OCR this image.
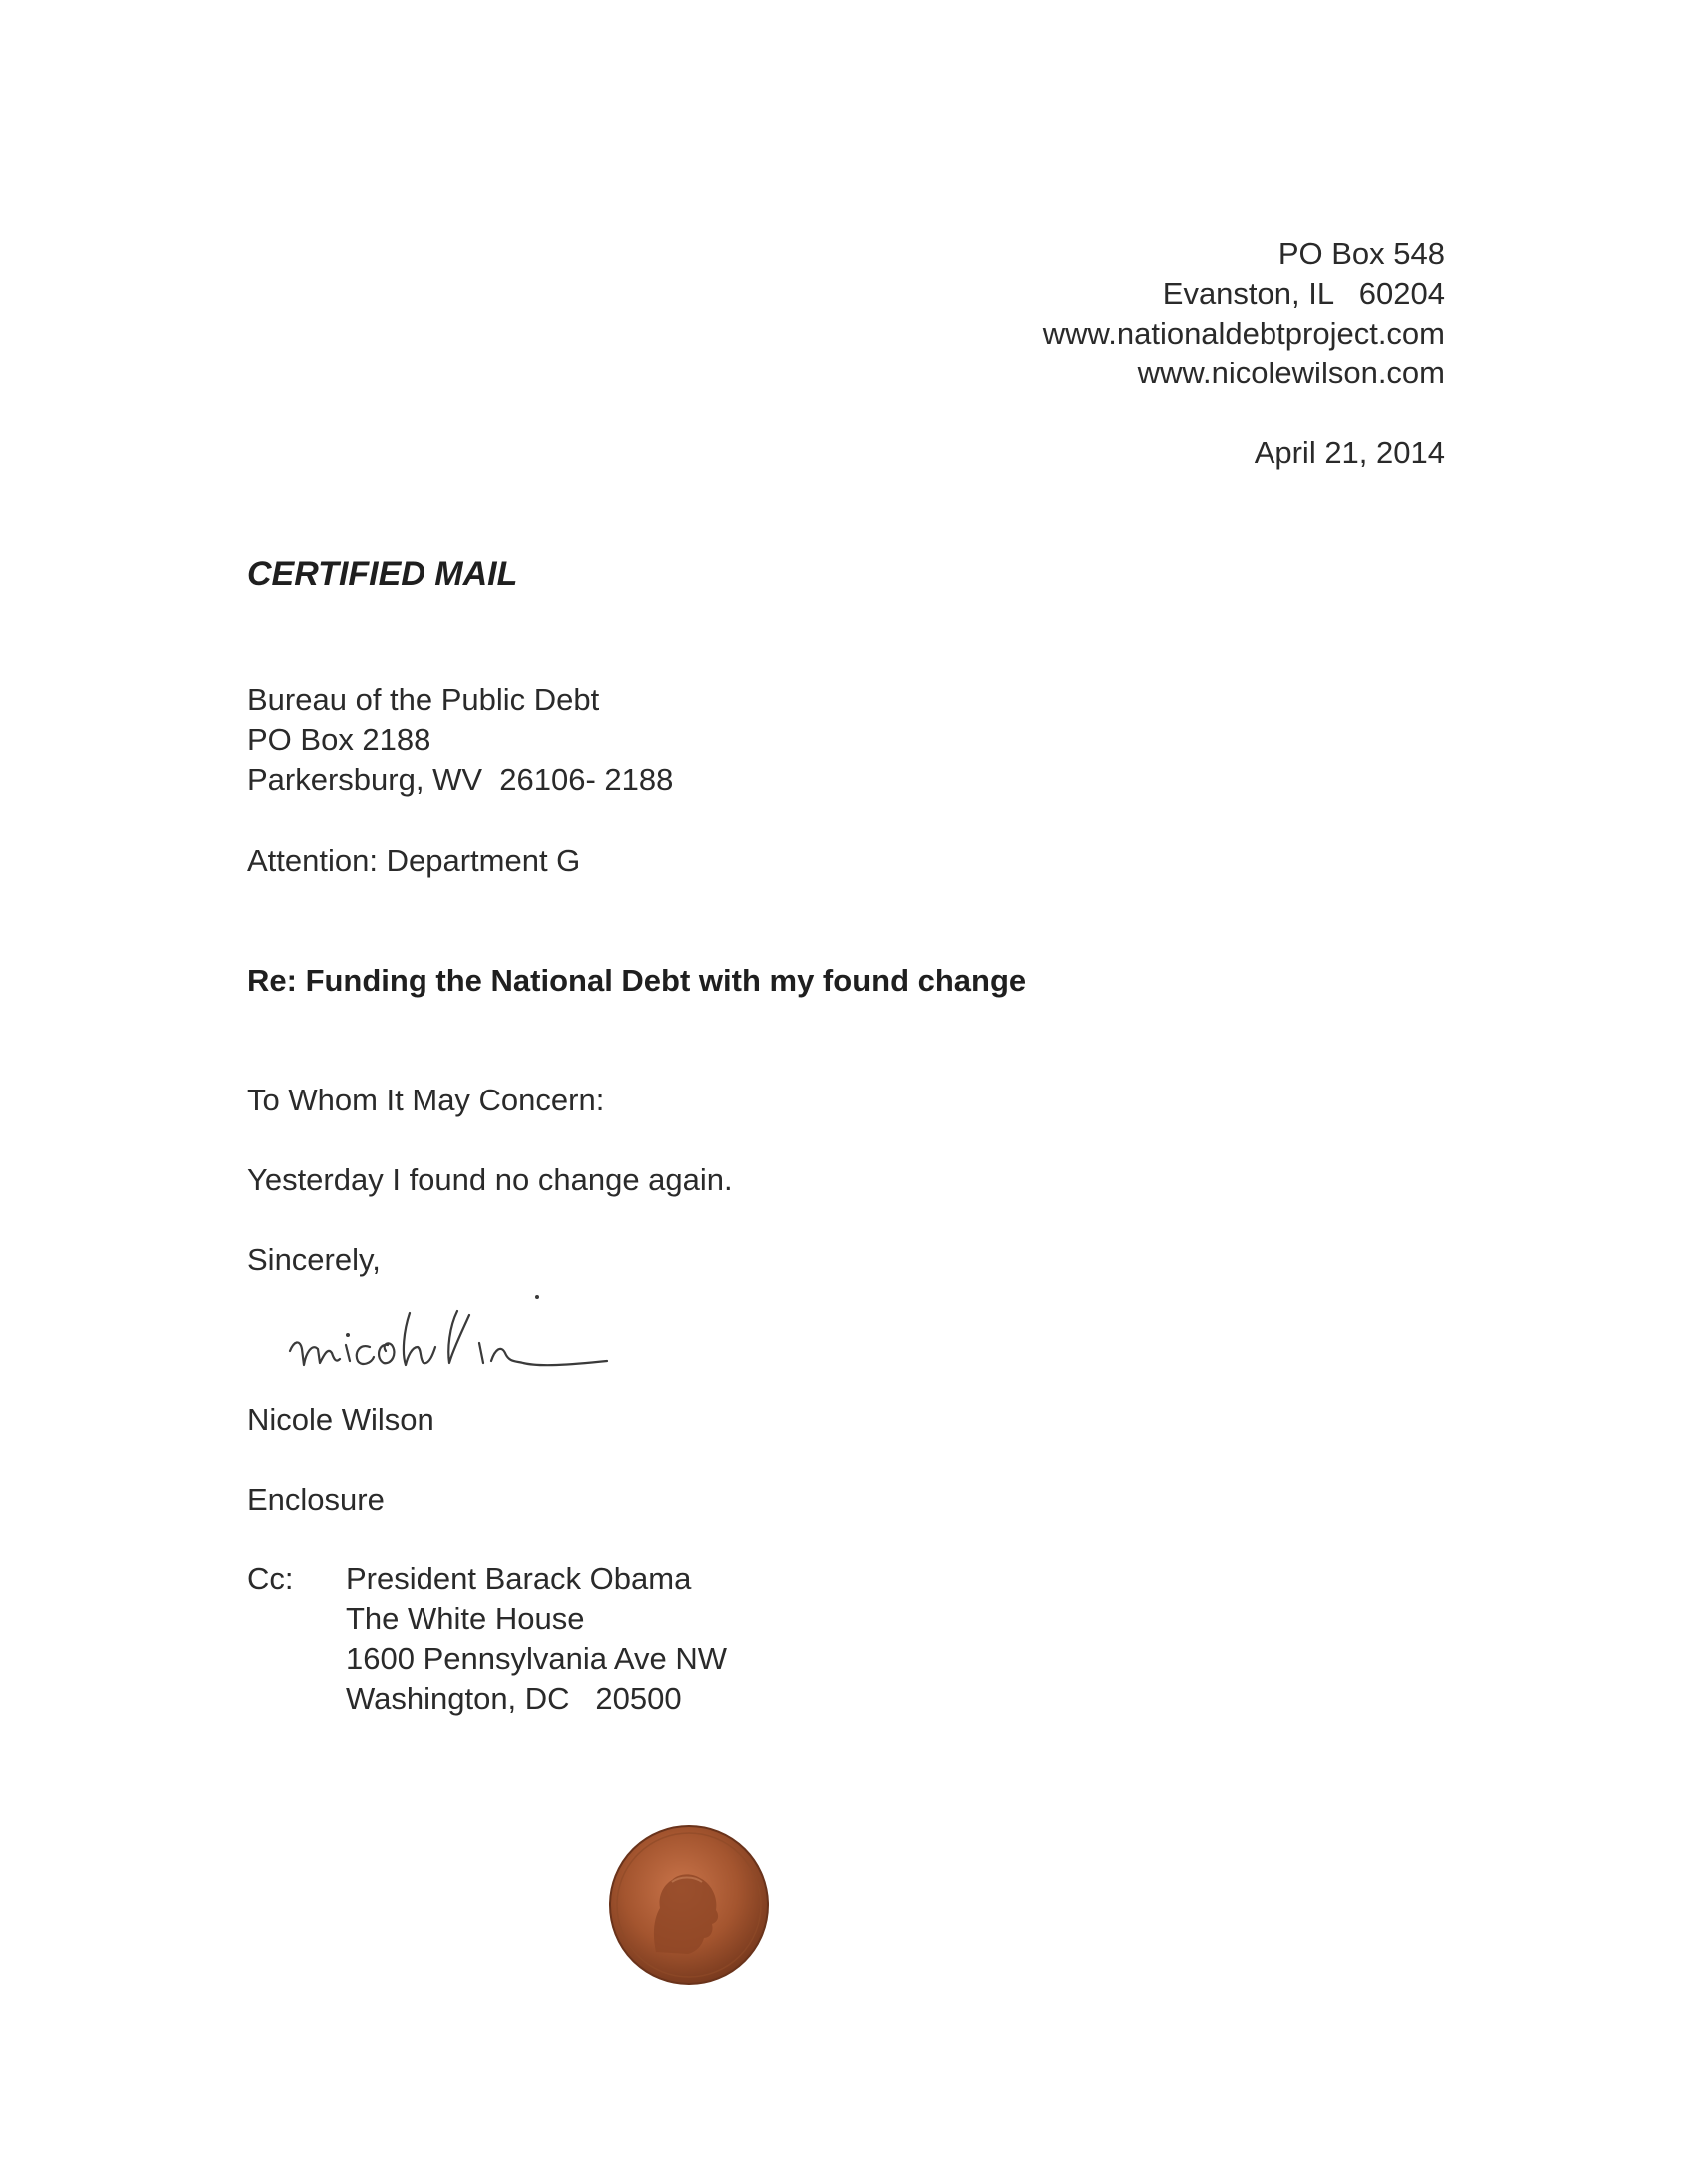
PO Box 548
Evanston, IL   60204
www.nationaldebtproject.com
www.nicolewilson.com
April 21, 2014
CERTIFIED MAIL
Bureau of the Public Debt
PO Box 2188
Parkersburg, WV  26106- 2188
Attention: Department G
Re: Funding the National Debt with my found change
To Whom It May Concern:
Yesterday I found no change again.
Sincerely,
Nicole Wilson
Enclosure
Cc: President Barack Obama
The White House
1600 Pennsylvania Ave NW
Washington, DC   20500
